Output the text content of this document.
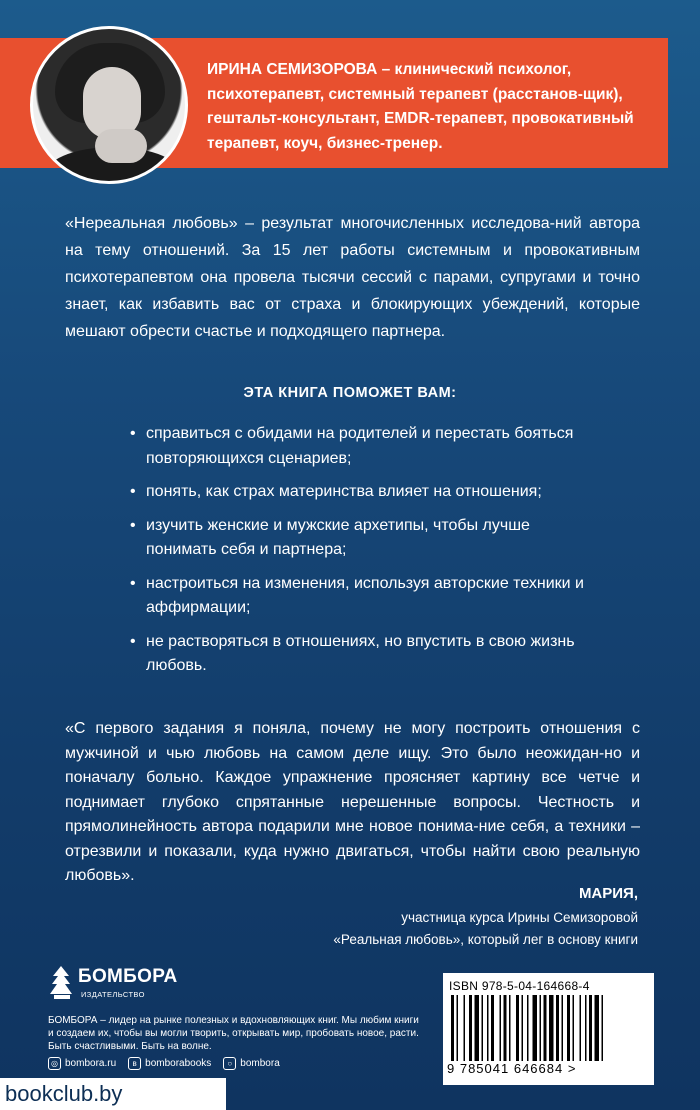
ИРИНА СЕМИЗОРОВА – клинический психолог, психотерапевт, системный терапевт (расстанов-щик), гештальт-консультант, EMDR-терапевт, провокативный терапевт, коуч, бизнес-тренер.
«Нереальная любовь» – результат многочисленных исследова-ний автора на тему отношений. За 15 лет работы системным и провокативным психотерапевтом она провела тысячи сессий с парами, супругами и точно знает, как избавить вас от страха и блокирующих убеждений, которые мешают обрести счастье и подходящего партнера.
ЭТА КНИГА ПОМОЖЕТ ВАМ:
• справиться с обидами на родителей и перестать бояться повторяющихся сценариев;
• понять, как страх материнства влияет на отношения;
• изучить женские и мужские архетипы, чтобы лучше понимать себя и партнера;
• настроиться на изменения, используя авторские техники и аффирмации;
• не растворяться в отношениях, но впустить в свою жизнь любовь.
«С первого задания я поняла, почему не могу построить отношения с мужчиной и чью любовь на самом деле ищу. Это было неожидан-но и поначалу больно. Каждое упражнение проясняет картину все четче и поднимает глубоко спрятанные нерешенные вопросы. Честность и прямолинейность автора подарили мне новое понима-ние себя, а техники – отрезвили и показали, куда нужно двигаться, чтобы найти свою реальную любовь».
МАРИЯ,
участница курса Ирины Семизоровой
«Реальная любовь», который лег в основу книги
БОМБОРА
ИЗДАТЕЛЬСТВО
БОМБОРА – лидер на рынке полезных и вдохновляющих книг. Мы любим книги и создаем их, чтобы вы могли творить, открывать мир, пробовать новое, расти. Быть счастливыми. Быть на волне.
◎ bombora.ru	в bomborabooks	○ bombora
ISBN 978-5-04-164668-4
9 785041 646684 >
bookclub.by
